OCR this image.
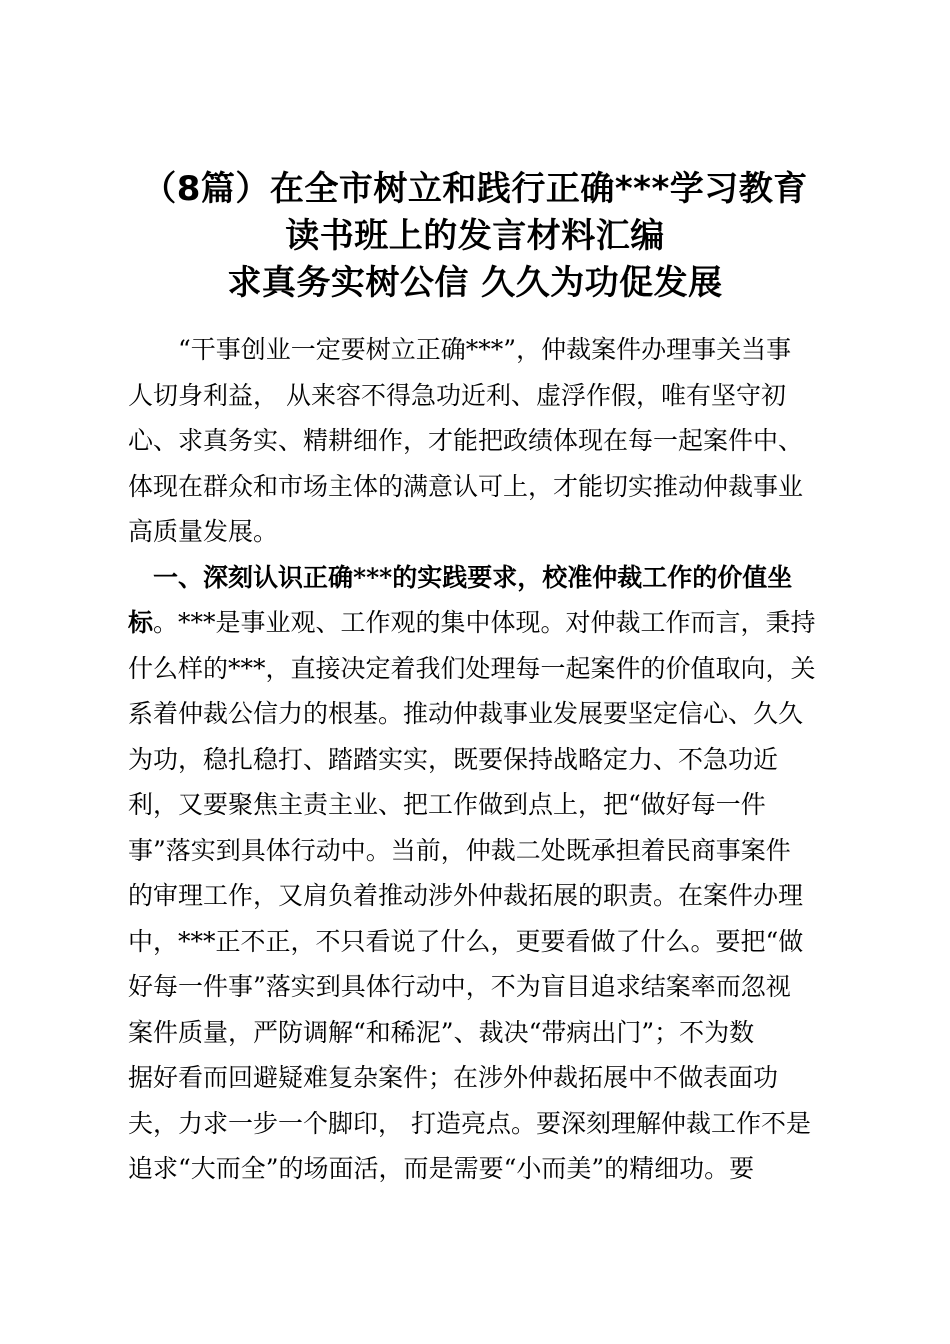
（8篇）在全市树立和践行正确***学习教育
读书班上的发言材料汇编
求真务实树公信 久久为功促发展
　　“干事创业一定要树立正确***”，仲裁案件办理事关当事
人切身利益， 从来容不得急功近利、虚浮作假，唯有坚守初
心、求真务实、精耕细作，才能把政绩体现在每一起案件中、
体现在群众和市场主体的满意认可上，才能切实推动仲裁事业
高质量发展。
　一、深刻认识正确***的实践要求，校准仲裁工作的价值坐
标。***是事业观、工作观的集中体现。对仲裁工作而言，秉持
什么样的***，直接决定着我们处理每一起案件的价值取向，关
系着仲裁公信力的根基。推动仲裁事业发展要坚定信心、久久
为功，稳扎稳打、踏踏实实，既要保持战略定力、不急功近
利，又要聚焦主责主业、把工作做到点上，把“做好每一件
事”落实到具体行动中。当前，仲裁二处既承担着民商事案件
的审理工作，又肩负着推动涉外仲裁拓展的职责。在案件办理
中，***正不正，不只看说了什么，更要看做了什么。要把“做
好每一件事”落实到具体行动中，不为盲目追求结案率而忽视
案件质量，严防调解“和稀泥”、裁决“带病出门”；不为数
据好看而回避疑难复杂案件；在涉外仲裁拓展中不做表面功
夫，力求一步一个脚印， 打造亮点。要深刻理解仲裁工作不是
追求“大而全”的场面活，而是需要“小而美”的精细功。要
